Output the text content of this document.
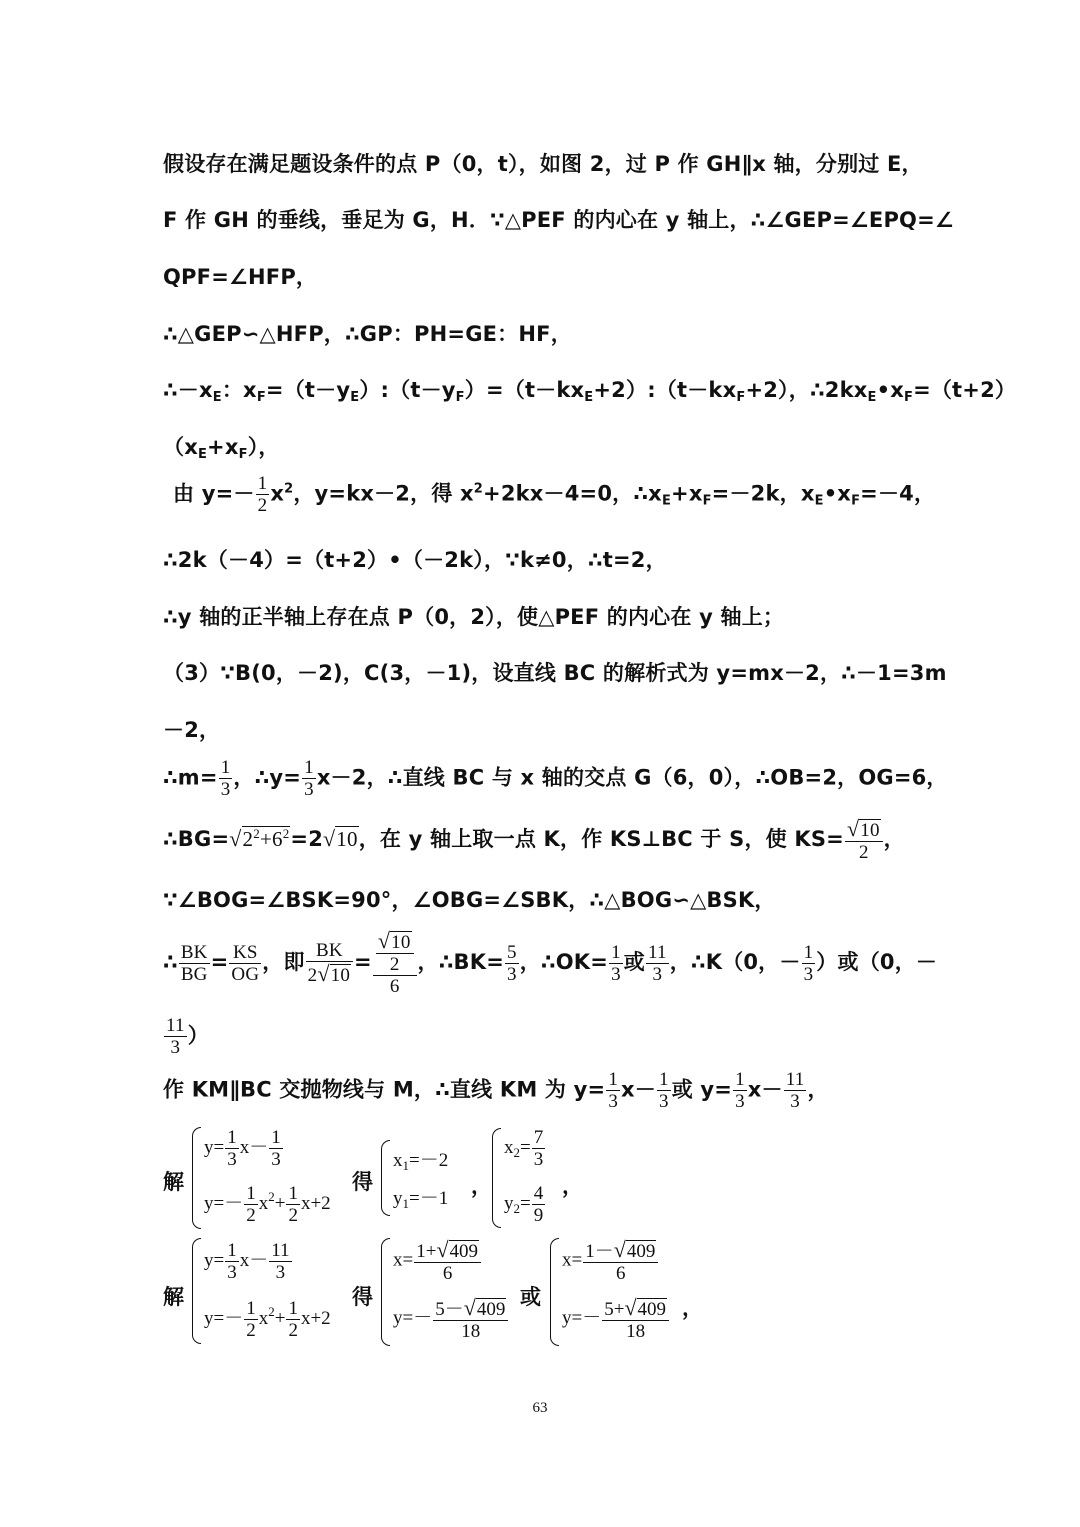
假设存在满足题设条件的点 P（0，t），如图 2，过 P 作 GH∥x 轴，分别过 E，
F 作 GH 的垂线，垂足为 G，H．∵△PEF 的内心在 y 轴上，∴∠GEP=∠EPQ=∠
QPF=∠HFP，
∴△GEP∽△HFP，∴GP：PH=GE：HF，
$\therefore-x_E$：$x_F=(t-y_E):(t-y_F)=(t-kx_E+2):(t-kx_F+2)$，$\therefore 2kx_E•x_F=(t+2)$
$(x_E+x_F)$，
由 $y=- \frac{1}{2} x^2$，y=kx－2，得 $x^2+2kx-4=0$，$\therefore x_E+x_F=-2k$，$x_E•x_F=-4$，
∴2k（－4）=（t+2）•（－2k），∵k≠0，∴t=2，
∴y 轴的正半轴上存在点 P（0，2），使△PEF 的内心在 y 轴上；
（3）∵B(0，－2)，C(3，－1)，设直线 BC 的解析式为 y=mx－2，∴－1=3m
－2，
∴m= $\frac{1}{3}$ ，∴y= $\frac{1}{3} x-2$，∴直线 BC 与 x 轴的交点 G（6，0），∴OB=2，OG=6，
$\therefore BG=√2^2+6^2=2√10$，在 y 轴上取一点 K，作 KS⊥BC 于 S，使 $KS= \frac{√10}{2}$ ，
∵∠BOG=∠BSK=90°，∠OBG=∠SBK，∴△BOG∽△BSK，
∴ $\frac{BK}{BG} = \frac{KS}{OG}$ ，即 $\frac{BK}{2√10} = \frac{\frac{√10}{2}}{6}$ ，∴BK= $\frac{5}{3}$ ，∴OK= $\frac{1}{3}$ 或 $\frac{11}{3}$ ，∴K（0，－ $\frac{1}{3}$ ）或（0，－
$\frac{11}{3}$ ）
作 KM∥BC 交抛物线与 M，∴直线 KM 为 $y= \frac{1}{3} x- \frac{1}{3}$ 或 $y= \frac{1}{3} x- \frac{11}{3}$ ，
解
$y= \frac{1}{3} x- \frac{1}{3}$
$y=- \frac{1}{2} x^2+ \frac{1}{2} x+2$
得
$x_1=-2$
$y_1=-1$
，
$x_2= \frac{7}{3}$
$y_2= \frac{4}{9}$ ，
解
$y= \frac{1}{3} x- \frac{11}{3}$
$y=- \frac{1}{2} x^2+ \frac{1}{2} x+2$
得
$x= \frac{1+√409}{6}$
$y=- \frac{5-√409}{18}$ 或
$x= \frac{1-√409}{6}$
$y=- \frac{5+√409}{18}$ ，
63
